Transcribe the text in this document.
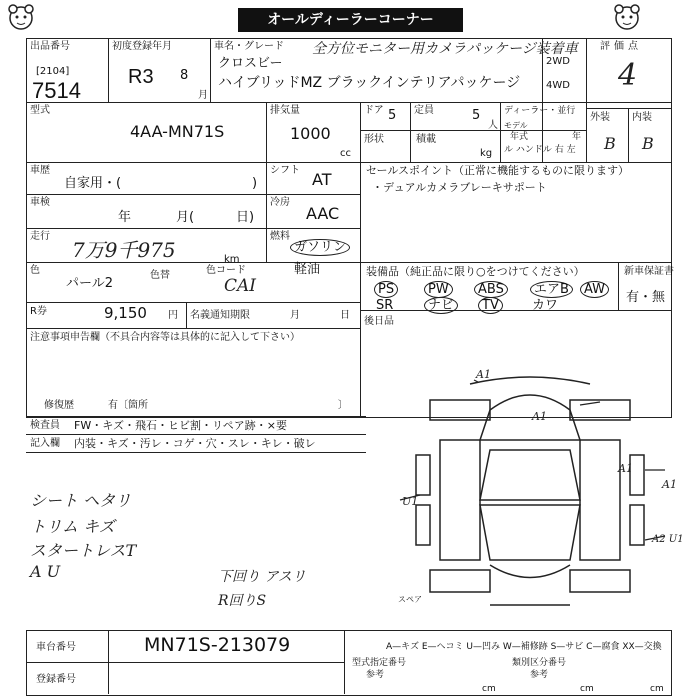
オールディーラーコーナー
出品番号
[2104]
7514
初度登録年月
R3 8
月
車名・グレード 全方位モニター用カメラパッケージ装着車
クロスビー
ハイブリッドMZ ブラックインテリアパッケージ
2WD
4WD
評価点
4
外装 内装
B B
型式
4AA-MN71S
排気量
1000
cc
ドア 5 定員	5
人
ディーラー・並行
モデル
年式	年
ル ハンドル 右 左
形状	積載
kg
車歴
自家用・(	)
シフト AT	セールスポイント（正常に機能するものに限ります）
・デュアルカメラブレーキサポート
車検
年	月(	日)
冷房
AAC
走行
7万9千975	km
燃料
ガソリン
軽油
色
パール2
色替	色コード
CAI
装備品（純正品に限り○をつけてください）
PS	PW	ABS	エアB	AW
SR	ナビ	TV	カワ
新車保証書
有・無
R券	9,150 円 名義通知期限	月	日
後日品
注意事項申告欄（不具合内容等は具体的に記入して下さい）
修復歴	有〔箇所	〕
検査員 FW・キズ・飛石・ヒビ割・リペア跡・×要
記入欄 内装・キズ・汚レ・コゲ・穴・スレ・キレ・破レ
シート ヘタリ
トリム キズ
スタートレスT
A U	下回り アスリ
R回りS
A1
A1
A1
U1
A1
A2 U1
スペア
車台番号	MN71S-213079
登録番号
A—キズ E—ヘコミ U—凹み W—補修跡 S—サビ C—腐食 XX—交換
型式指定番号	類別区分番号
参考	参考
cm	cm	cm
